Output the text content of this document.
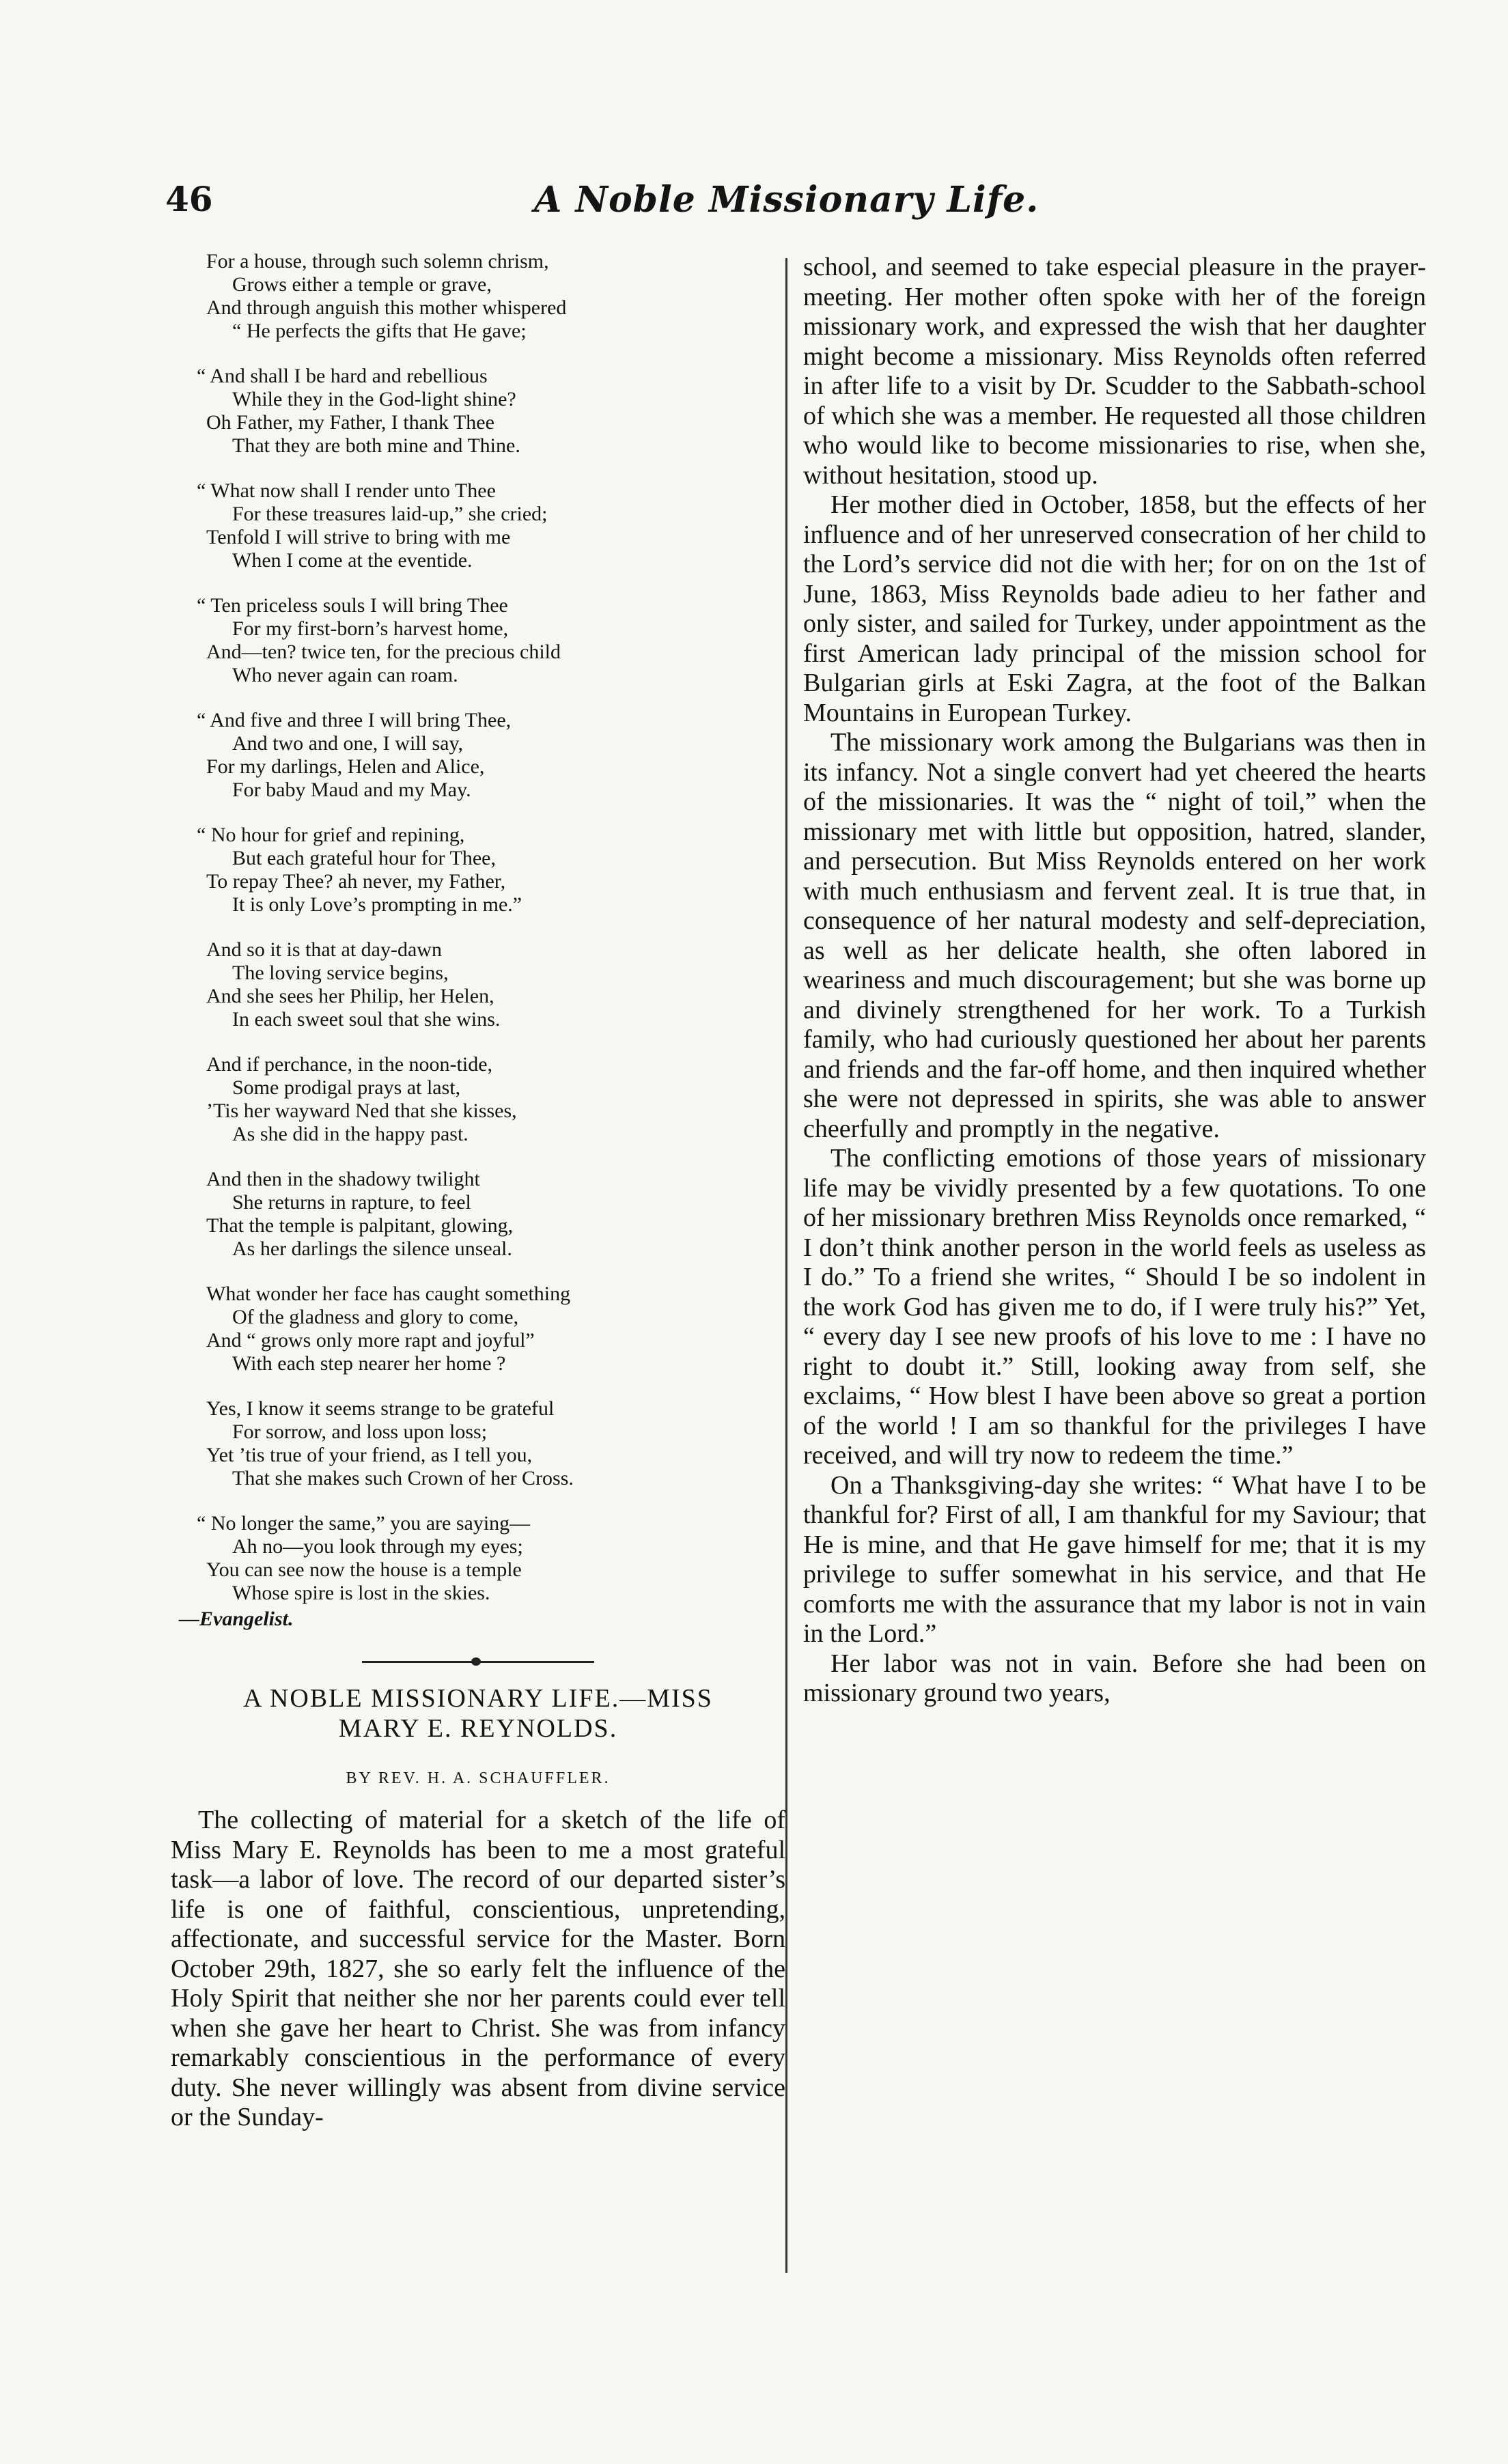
46	A Noble Missionary Life.
For a house, through such solemn chrism,
Grows either a temple or grave,
And through anguish this mother whispered
“ He perfects the gifts that He gave;
“ And shall I be hard and rebellious
While they in the God-light shine?
Oh Father, my Father, I thank Thee
That they are both mine and Thine.
“ What now shall I render unto Thee
For these treasures laid-up,” she cried;
Tenfold I will strive to bring with me
When I come at the eventide.
“ Ten priceless souls I will bring Thee
For my first-born’s harvest home,
And—ten? twice ten, for the precious child
Who never again can roam.
“ And five and three I will bring Thee,
And two and one, I will say,
For my darlings, Helen and Alice,
For baby Maud and my May.
“ No hour for grief and repining,
But each grateful hour for Thee,
To repay Thee? ah never, my Father,
It is only Love’s prompting in me.”
And so it is that at day-dawn
The loving service begins,
And she sees her Philip, her Helen,
In each sweet soul that she wins.
And if perchance, in the noon-tide,
Some prodigal prays at last,
’Tis her wayward Ned that she kisses,
As she did in the happy past.
And then in the shadowy twilight
She returns in rapture, to feel
That the temple is palpitant, glowing,
As her darlings the silence unseal.
What wonder her face has caught something
Of the gladness and glory to come,
And “ grows only more rapt and joyful”
With each step nearer her home ?
Yes, I know it seems strange to be grateful
For sorrow, and loss upon loss;
Yet ’tis true of your friend, as I tell you,
That she makes such Crown of her Cross.
“ No longer the same,” you are saying—
Ah no—you look through my eyes;
You can see now the house is a temple
Whose spire is lost in the skies.
—Evangelist.
A NOBLE MISSIONARY LIFE.—MISS
MARY E. REYNOLDS.
BY REV. H. A. SCHAUFFLER.

The collecting of material for a sketch of the life of Miss Mary E. Reynolds has been to me a most grateful task—a labor of love. The record of our departed sister’s life is one of faithful, conscientious, unpretending, affectionate, and successful service for the Master. Born October 29th, 1827, she so early felt the influence of the Holy Spirit that neither she nor her parents could ever tell when she gave her heart to Christ. She was from infancy remarkably conscientious in the performance of every duty. She never willingly was absent from divine service or the Sunday-

school, and seemed to take especial pleasure in the prayer-meeting. Her mother often spoke with her of the foreign missionary work, and expressed the wish that her daughter might become a missionary. Miss Reynolds often referred in after life to a visit by Dr. Scudder to the Sabbath-school of which she was a member. He requested all those children who would like to become missionaries to rise, when she, without hesitation, stood up.

Her mother died in October, 1858, but the effects of her influence and of her unreserved consecration of her child to the Lord’s service did not die with her; for on on the 1st of June, 1863, Miss Reynolds bade adieu to her father and only sister, and sailed for Turkey, under appointment as the first American lady principal of the mission school for Bulgarian girls at Eski Zagra, at the foot of the Balkan Mountains in European Turkey.

The missionary work among the Bulgarians was then in its infancy. Not a single convert had yet cheered the hearts of the missionaries. It was the “ night of toil,” when the missionary met with little but opposition, hatred, slander, and persecution. But Miss Reynolds entered on her work with much enthusiasm and fervent zeal. It is true that, in consequence of her natural modesty and self-depreciation, as well as her delicate health, she often labored in weariness and much discouragement; but she was borne up and divinely strengthened for her work. To a Turkish family, who had curiously questioned her about her parents and friends and the far-off home, and then inquired whether she were not depressed in spirits, she was able to answer cheerfully and promptly in the negative.

The conflicting emotions of those years of missionary life may be vividly presented by a few quotations. To one of her missionary brethren Miss Reynolds once remarked, “ I don’t think another person in the world feels as useless as I do.” To a friend she writes, “ Should I be so indolent in the work God has given me to do, if I were truly his?” Yet, “ every day I see new proofs of his love to me : I have no right to doubt it.” Still, looking away from self, she exclaims, “ How blest I have been above so great a portion of the world ! I am so thankful for the privileges I have received, and will try now to redeem the time.”

On a Thanksgiving-day she writes: “ What have I to be thankful for? First of all, I am thankful for my Saviour; that He is mine, and that He gave himself for me; that it is my privilege to suffer somewhat in his service, and that He comforts me with the assurance that my labor is not in vain in the Lord.”

Her labor was not in vain. Before she had been on missionary ground two years,
